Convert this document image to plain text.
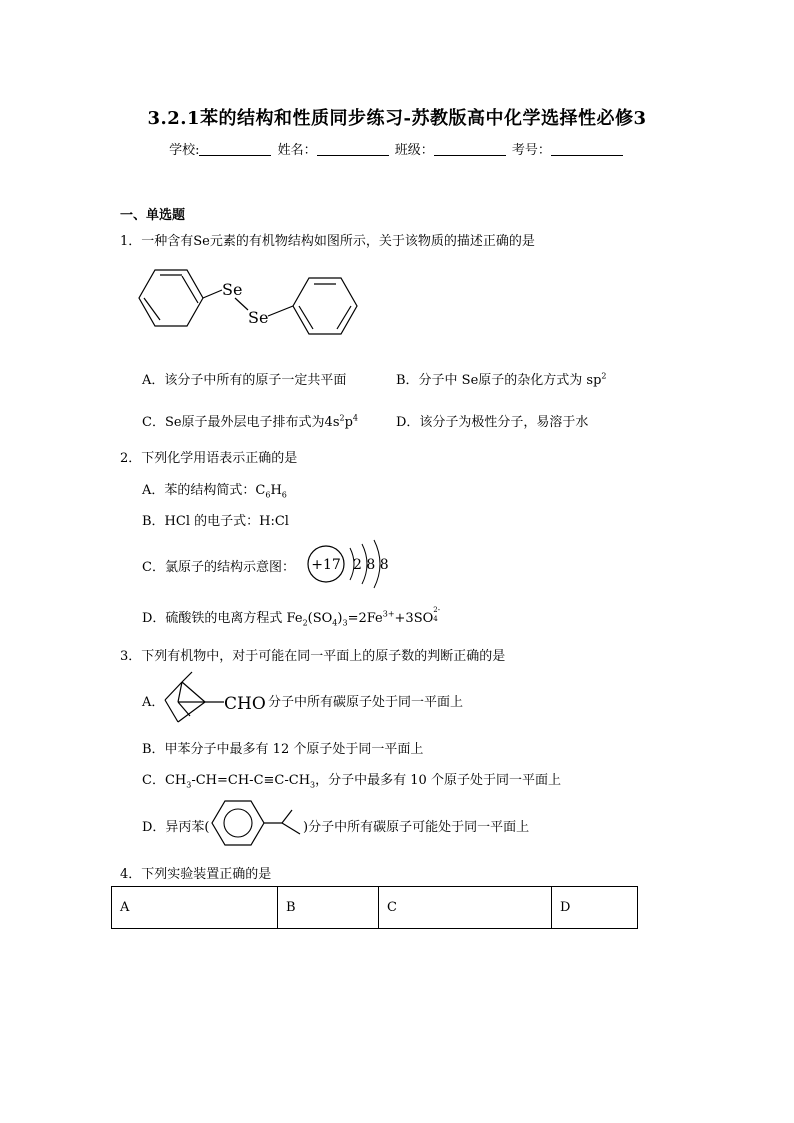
3.2.1苯的结构和性质同步练习-苏教版高中化学选择性必修3
学校:	姓名：	班级：	考号：
一、单选题
1．一种含有Se元素的有机物结构如图所示，关于该物质的描述正确的是
Se
Se
A．该分子中所有的原子一定共平面	B．分子中 Se原子的杂化方式为 $sp^2$
C．Se原子最外层电子排布式为$4s^2p^4$	D．该分子为极性分子，易溶于水
2．下列化学用语表示正确的是
A．苯的结构简式：$C_6H_6$
B．HCl 的电子式：H:Cl
C．氯原子的结构示意图： +17 2 8 8
D．硫酸铁的电离方程式 $Fe_2(SO_4)_3=2Fe^{3+}+3SO$
2-
4
3．下列有机物中，对于可能在同一平面上的原子数的判断正确的是
A．	CHO 分子中所有碳原子处于同一平面上
B．甲苯分子中最多有 12 个原子处于同一平面上
C．$CH_3-CH=CH-C\equiv C-CH_3$，分子中最多有 10 个原子处于同一平面上
D．异丙苯(	)分子中所有碳原子可能处于同一平面上
4．下列实验装置正确的是
A	B	C	D
